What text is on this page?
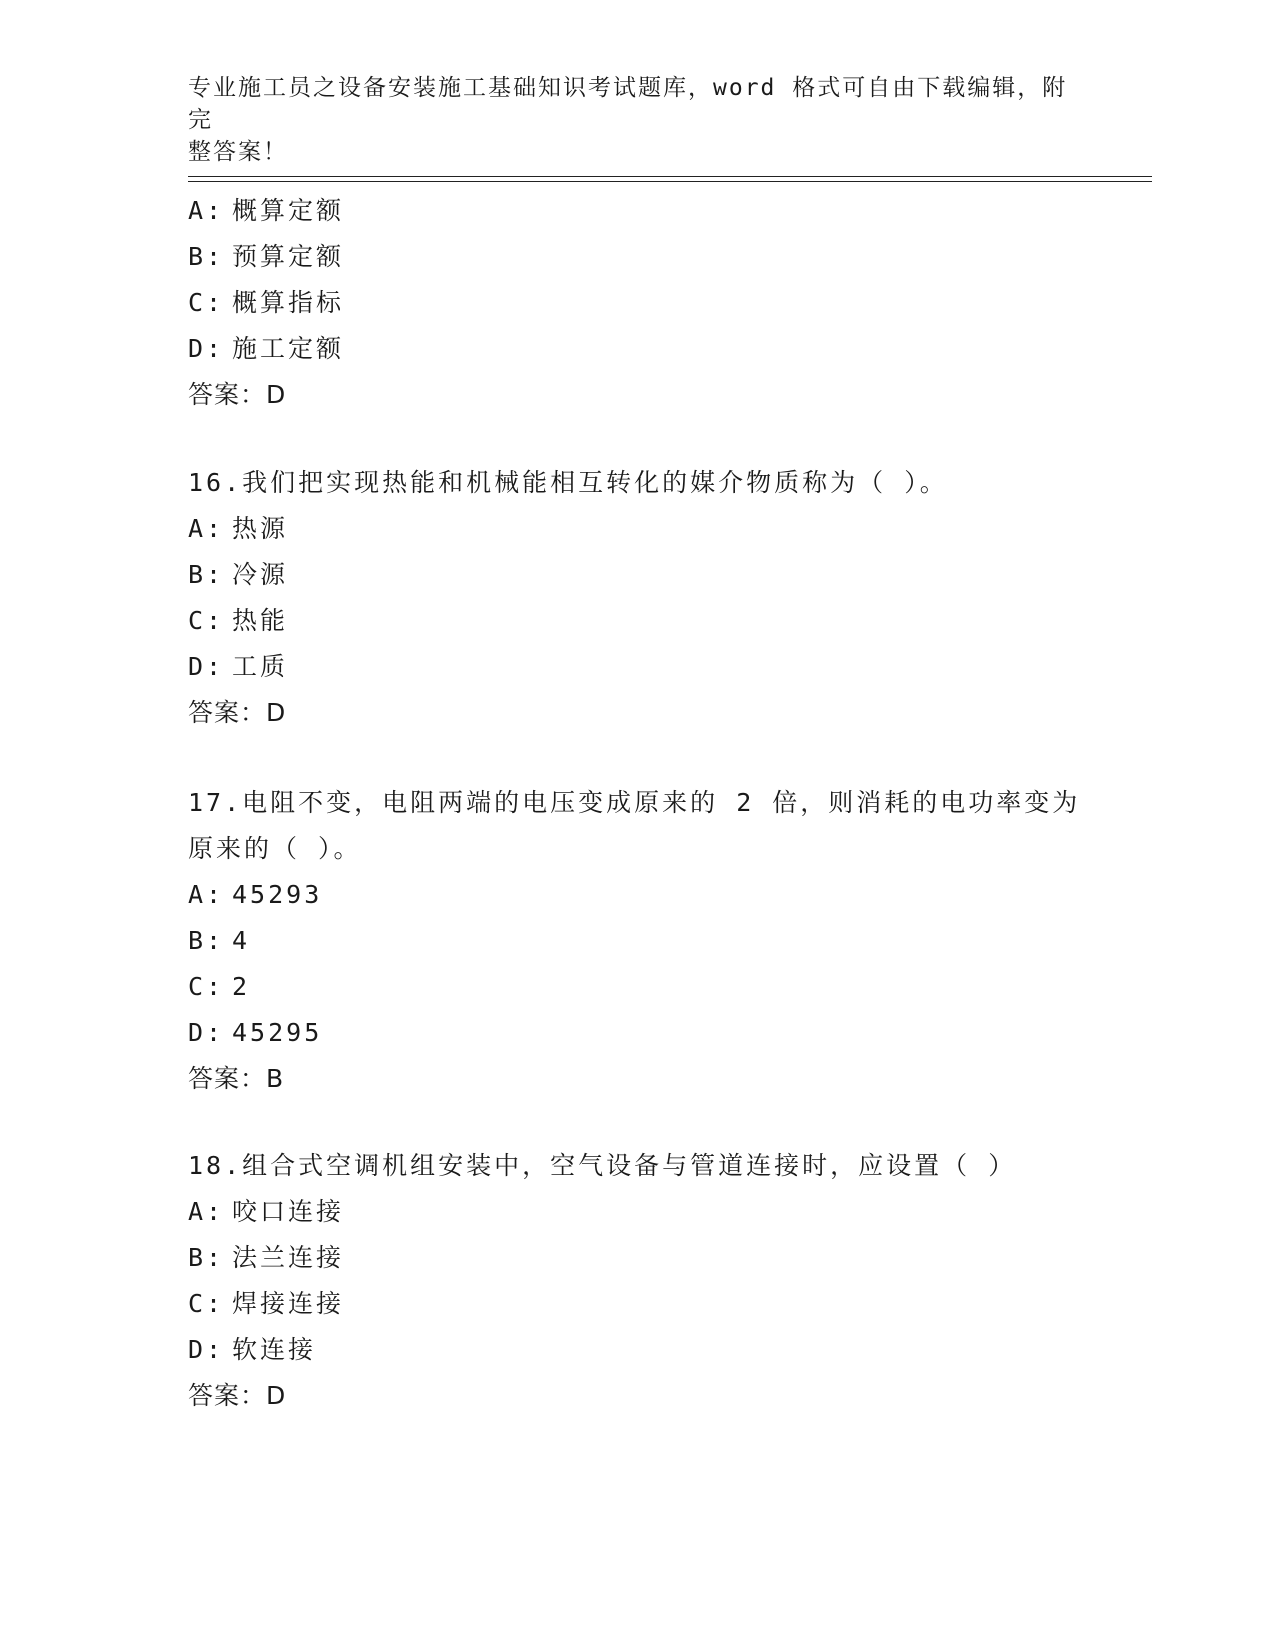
专业施工员之设备安装施工基础知识考试题库，word 格式可自由下载编辑，附完
整答案！
A: 概算定额
B: 预算定额
C: 概算指标
D: 施工定额
答案：D
16.我们把实现热能和机械能相互转化的媒介物质称为（ ）。
A: 热源
B: 冷源
C: 热能
D: 工质
答案：D
17.电阻不变，电阻两端的电压变成原来的 2 倍，则消耗的电功率变为
原来的（ ）。
A: 45293
B: 4
C: 2
D: 45295
答案：B
18.组合式空调机组安装中，空气设备与管道连接时，应设置（ ）
A: 咬口连接
B: 法兰连接
C: 焊接连接
D: 软连接
答案：D
